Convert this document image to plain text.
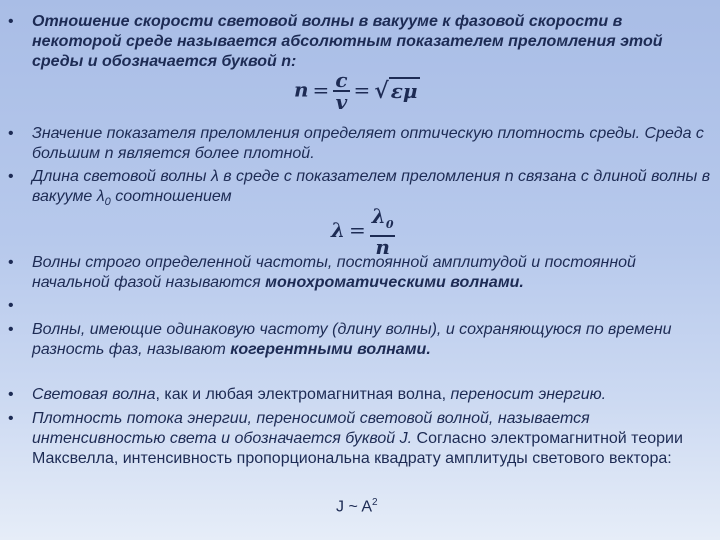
•	Отношение скорости световой волны в вакууме к фазовой скорости в некоторой среде называется абсолютным показателем преломления этой среды и обозначается буквой n:

$n = \frac{c}{v}$ = √ εμ
•	Значение показателя преломления определяет оптическую плотность среды. Среда с большим n является более плотной.

•	Длина световой волны λ в среде с показателем преломления n связана с длиной волны в вакууме $\lambda_0$ соотношением

$\lambda = \frac{\lambda_0}{n}$
•	Волны строго определенной частоты, постоянной амплитудой и постоянной начальной фазой называются монохроматическими волнами.

•
•	Волны, имеющие одинаковую частоту (длину волны), и сохраняющуюся по времени разность фаз, называют когерентными волнами.

•	Световая волна, как и любая электромагнитная волна, переносит энергию.

•	Плотность потока энергии, переносимой световой волной, называется интенсивностью света и обозначается буквой J. Согласно электромагнитной теории Максвелла, интенсивность пропорциональна квадрату амплитуды светового вектора:

J ~ $A^2$
